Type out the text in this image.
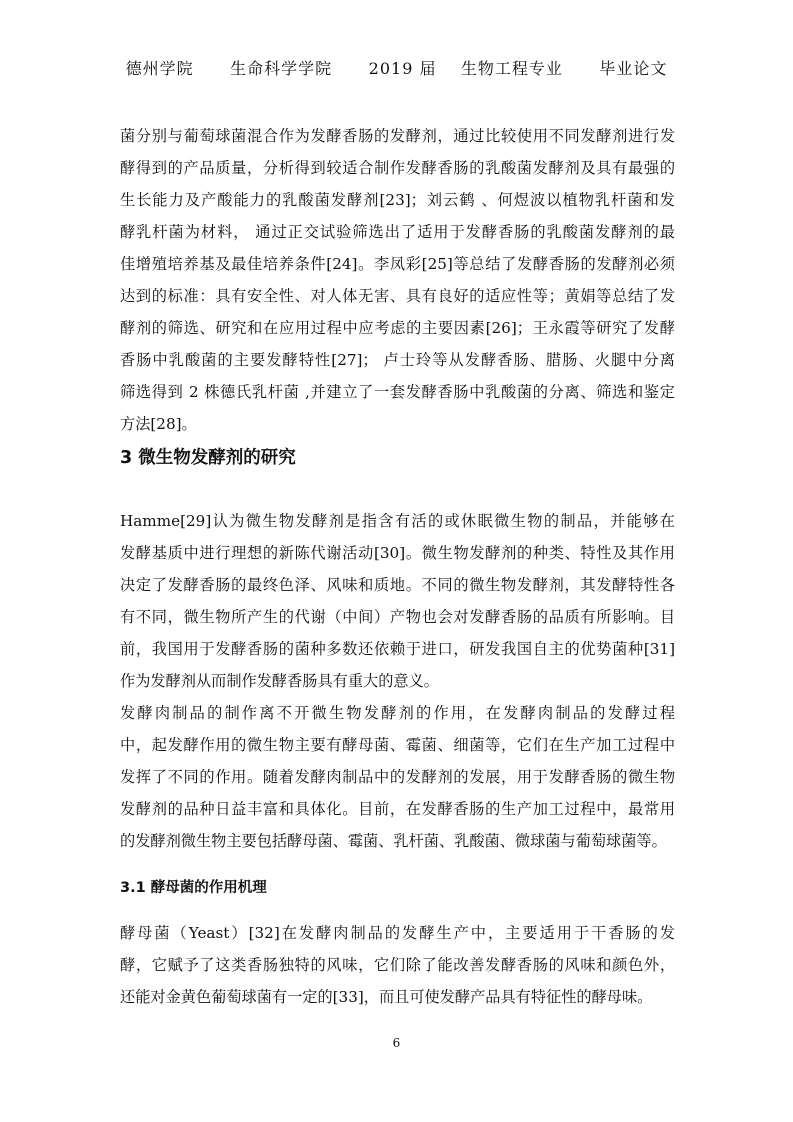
德州学院      生命科学学院      2019 届    生物工程专业      毕业论文
菌分别与葡萄球菌混合作为发酵香肠的发酵剂，通过比较使用不同发酵剂进行发
酵得到的产品质量，分析得到较适合制作发酵香肠的乳酸菌发酵剂及具有最强的
生长能力及产酸能力的乳酸菌发酵剂[23]；刘云鹤 、何煜波以植物乳杆菌和发
酵乳杆菌为材料， 通过正交试验筛选出了适用于发酵香肠的乳酸菌发酵剂的最
佳增殖培养基及最佳培养条件[24]。李凤彩[25]等总结了发酵香肠的发酵剂必须
达到的标准：具有安全性、对人体无害、具有良好的适应性等；黄娟等总结了发
酵剂的筛选、研究和在应用过程中应考虑的主要因素[26]；王永霞等研究了发酵
香肠中乳酸菌的主要发酵特性[27]； 卢士玲等从发酵香肠、腊肠、火腿中分离
筛选得到 2 株德氏乳杆菌 ,并建立了一套发酵香肠中乳酸菌的分离、筛选和鉴定
方法[28]。
3 微生物发酵剂的研究
Hamme[29]认为微生物发酵剂是指含有活的或休眠微生物的制品，并能够在
发酵基质中进行理想的新陈代谢活动[30]。微生物发酵剂的种类、特性及其作用
决定了发酵香肠的最终色泽、风味和质地。不同的微生物发酵剂，其发酵特性各
有不同，微生物所产生的代谢（中间）产物也会对发酵香肠的品质有所影响。目
前，我国用于发酵香肠的菌种多数还依赖于进口，研发我国自主的优势菌种[31]
作为发酵剂从而制作发酵香肠具有重大的意义。
发酵肉制品的制作离不开微生物发酵剂的作用，在发酵肉制品的发酵过程
中，起发酵作用的微生物主要有酵母菌、霉菌、细菌等，它们在生产加工过程中
发挥了不同的作用。随着发酵肉制品中的发酵剂的发展，用于发酵香肠的微生物
发酵剂的品种日益丰富和具体化。目前，在发酵香肠的生产加工过程中，最常用
的发酵剂微生物主要包括酵母菌、霉菌、乳杆菌、乳酸菌、微球菌与葡萄球菌等。
3.1 酵母菌的作用机理
酵母菌（Yeast）[32]在发酵肉制品的发酵生产中，主要适用于干香肠的发
酵，它赋予了这类香肠独特的风味，它们除了能改善发酵香肠的风味和颜色外，
还能对金黄色葡萄球菌有一定的[33]，而且可使发酵产品具有特征性的酵母味。
6
